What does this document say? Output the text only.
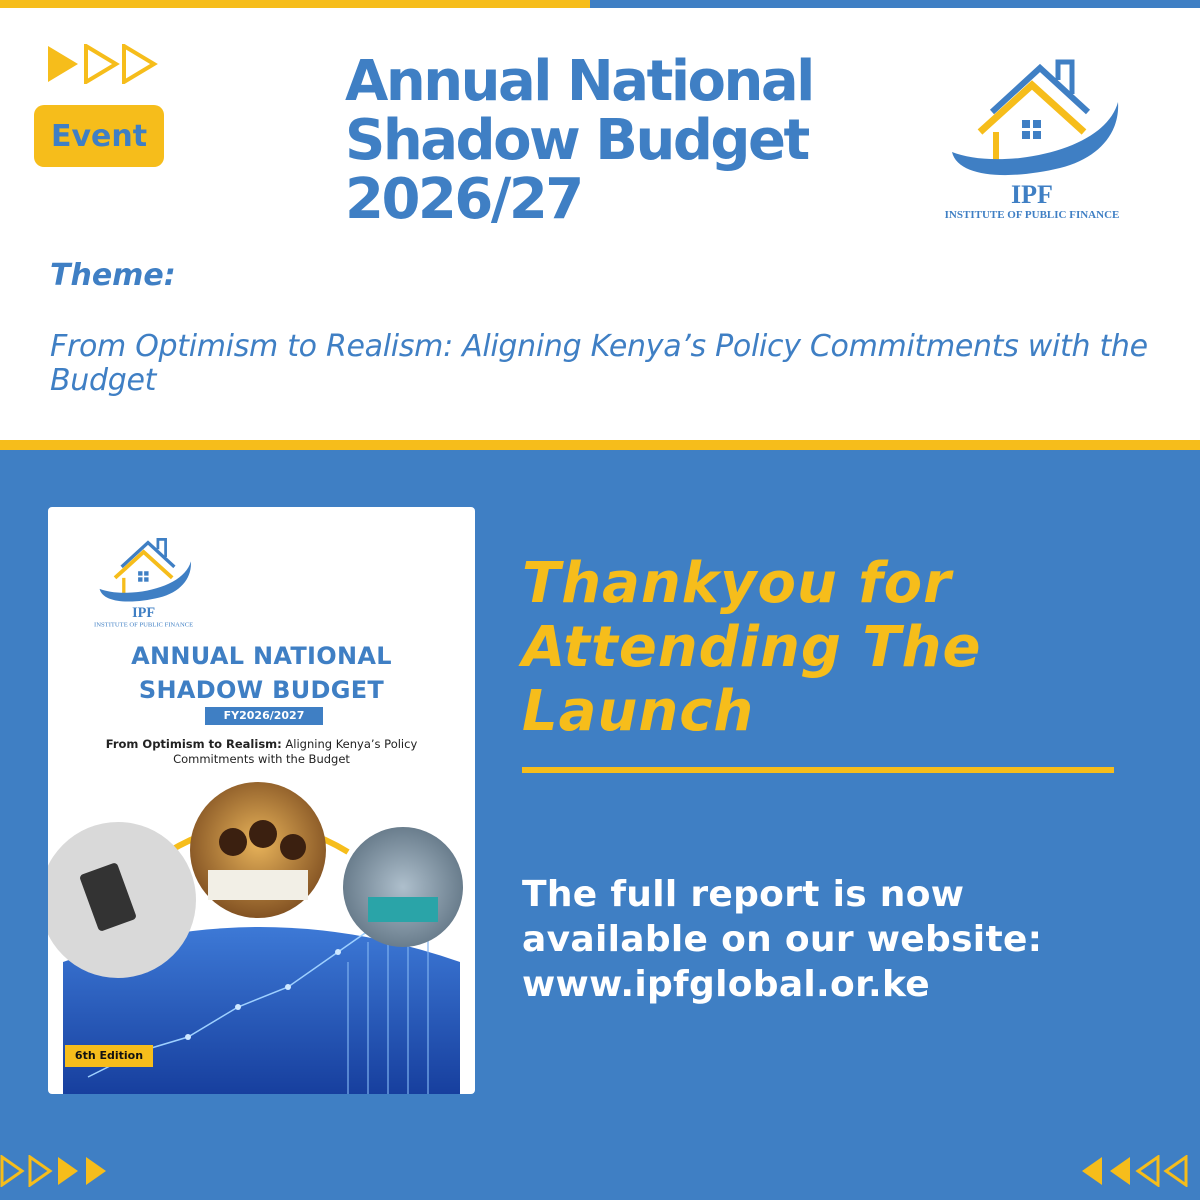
Event
Annual National Shadow Budget 2026/27	IPF
INSTITUTE OF PUBLIC FINANCE
Theme:
From Optimism to Realism: Aligning Kenya’s Policy Commitments with the Budget
IPF
INSTITUTE OF PUBLIC FINANCE
ANNUAL NATIONAL
SHADOW BUDGET
FY2026/2027
From Optimism to Realism: Aligning Kenya’s Policy Commitments with the Budget
6th Edition
Thankyou for Attending The Launch
The full report is now available on our website: www.ipfglobal.or.ke
